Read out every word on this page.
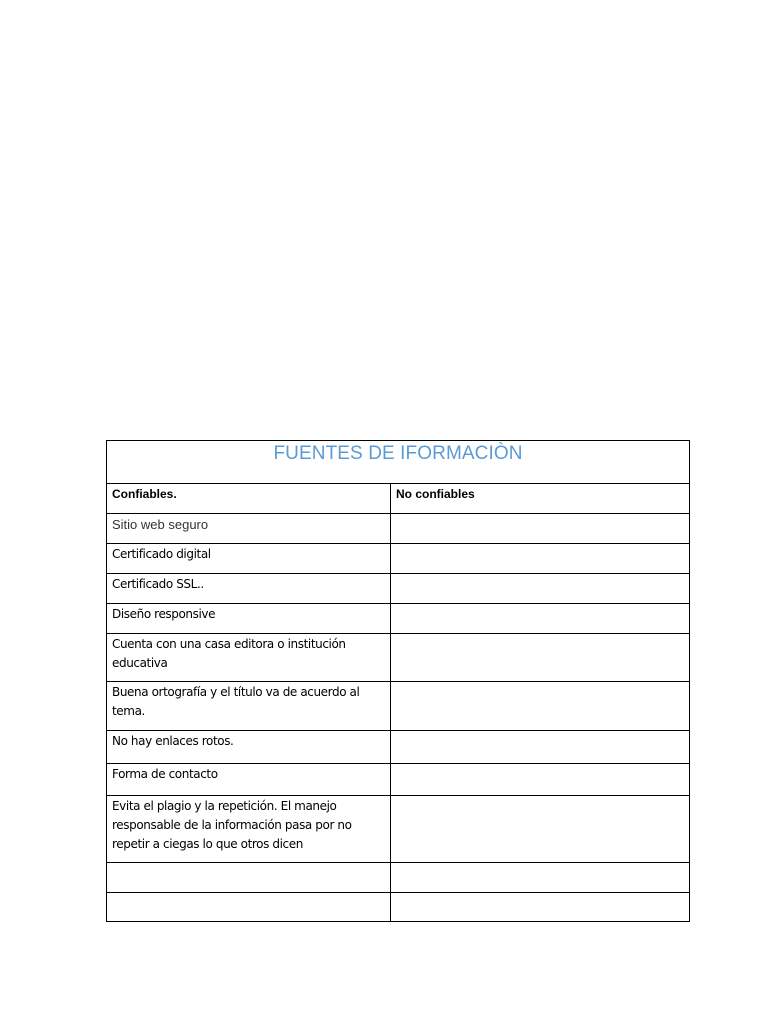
FUENTES DE IFORMACIÒN	

Confiables.	No confiables

Sitio web seguro	

Certificado digital	

Certificado SSL..	

Diseño responsive	

Cuenta con una casa editora o institución educativa	

Buena ortografía y el título va de acuerdo al tema.	

No hay enlaces rotos.	

Forma de contacto	

Evita el plagio y la repetición. El manejo responsable de la información pasa por no repetir a ciegas lo que otros dicen	
